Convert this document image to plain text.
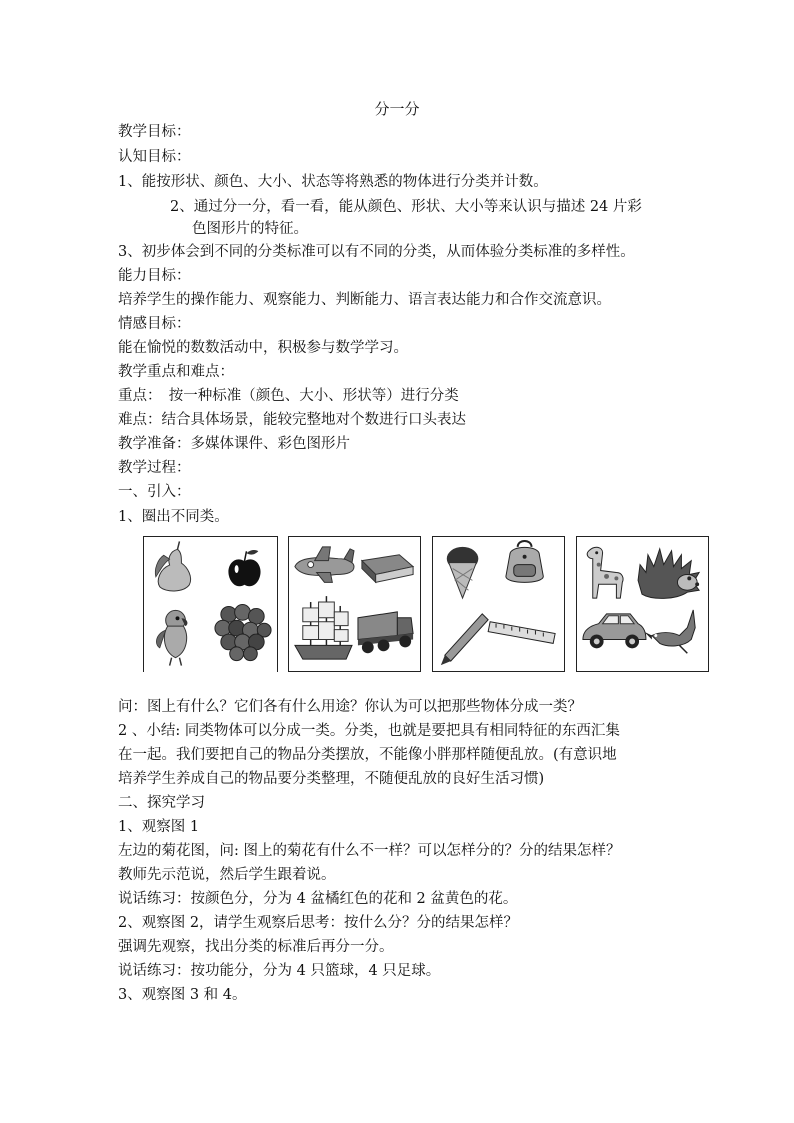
分一分
教学目标：
认知目标：
1、能按形状、颜色、大小、状态等将熟悉的物体进行分类并计数。
2、通过分一分，看一看，能从颜色、形状、大小等来认识与描述 24 片彩
色图形片的特征。
3、初步体会到不同的分类标准可以有不同的分类，从而体验分类标准的多样性。
能力目标：
培养学生的操作能力、观察能力、判断能力、语言表达能力和合作交流意识。
情感目标：
能在愉悦的数数活动中，积极参与数学学习。
教学重点和难点：
重点：　按一种标准（颜色、大小、形状等）进行分类
难点：结合具体场景，能较完整地对个数进行口头表达
教学准备：多媒体课件、彩色图形片
教学过程：
一、引入：
1、圈出不同类。
问：图上有什么？它们各有什么用途？你认为可以把那些物体分成一类？
2 、小结: 同类物体可以分成一类。分类，也就是要把具有相同特征的东西汇集
在一起。我们要把自己的物品分类摆放，不能像小胖那样随便乱放。(有意识地
培养学生养成自己的物品要分类整理，不随便乱放的良好生活习惯)
二、探究学习
1、观察图 1
左边的菊花图，问: 图上的菊花有什么不一样？可以怎样分的？分的结果怎样？
教师先示范说，然后学生跟着说。
说话练习：按颜色分，分为 4 盆橘红色的花和 2 盆黄色的花。
2、观察图 2，请学生观察后思考：按什么分？分的结果怎样？
强调先观察，找出分类的标准后再分一分。
说话练习：按功能分，分为 4 只篮球，4 只足球。
3、观察图 3 和 4。
